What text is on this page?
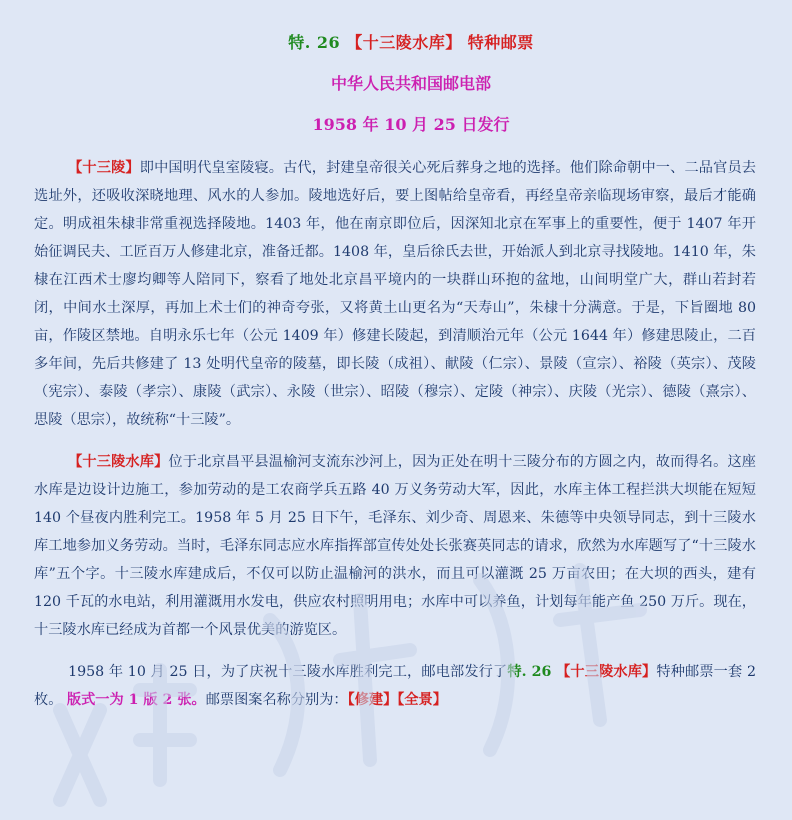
特. 26 【十三陵水库】 特种邮票
中华人民共和国邮电部
1958 年 10 月 25 日发行

【十三陵】即中国明代皇室陵寝。古代，封建皇帝很关心死后葬身之地的选择。他们除命朝中一、二品官员去选址外，还吸收深晓地理、风水的人参加。陵地选好后，要上图帖给皇帝看，再经皇帝亲临现场审察，最后才能确定。明成祖朱棣非常重视选择陵地。1403 年，他在南京即位后，因深知北京在军事上的重要性，便于 1407 年开始征调民夫、工匠百万人修建北京，准备迁都。1408 年，皇后徐氏去世，开始派人到北京寻找陵地。1410 年，朱棣在江西术士廖均卿等人陪同下，察看了地处北京昌平境内的一块群山环抱的盆地，山间明堂广大，群山若封若闭，中间水土深厚，再加上术士们的神奇夸张，又将黄土山更名为“天寿山”，朱棣十分满意。于是，下旨圈地 80 亩，作陵区禁地。自明永乐七年（公元 1409 年）修建长陵起，到清顺治元年（公元 1644 年）修建思陵止，二百多年间，先后共修建了 13 处明代皇帝的陵墓，即长陵（成祖）、献陵（仁宗）、景陵（宣宗）、裕陵（英宗）、茂陵（宪宗）、泰陵（孝宗）、康陵（武宗）、永陵（世宗）、昭陵（穆宗）、定陵（神宗）、庆陵（光宗）、德陵（熹宗）、思陵（思宗），故统称“十三陵”。

【十三陵水库】位于北京昌平县温榆河支流东沙河上，因为正处在明十三陵分布的方圆之内，故而得名。这座水库是边设计边施工，参加劳动的是工农商学兵五路 40 万义务劳动大军，因此，水库主体工程拦洪大坝能在短短 140 个昼夜内胜利完工。1958 年 5 月 25 日下午，毛泽东、刘少奇、周恩来、朱德等中央领导同志，到十三陵水库工地参加义务劳动。当时，毛泽东同志应水库指挥部宣传处处长张赛英同志的请求，欣然为水库题写了“十三陵水库”五个字。十三陵水库建成后，不仅可以防止温榆河的洪水，而且可以灌溉 25 万亩农田；在大坝的西头，建有 120 千瓦的水电站，利用灌溉用水发电，供应农村照明用电；水库中可以养鱼，计划每年能产鱼 250 万斤。现在，十三陵水库已经成为首都一个风景优美的游览区。

1958 年 10 月 25 日，为了庆祝十三陵水库胜利完工，邮电部发行了特. 26 【十三陵水库】特种邮票一套 2 枚。 版式一为 1 版 2 张。邮票图案名称分别为：【修建】【全景】
